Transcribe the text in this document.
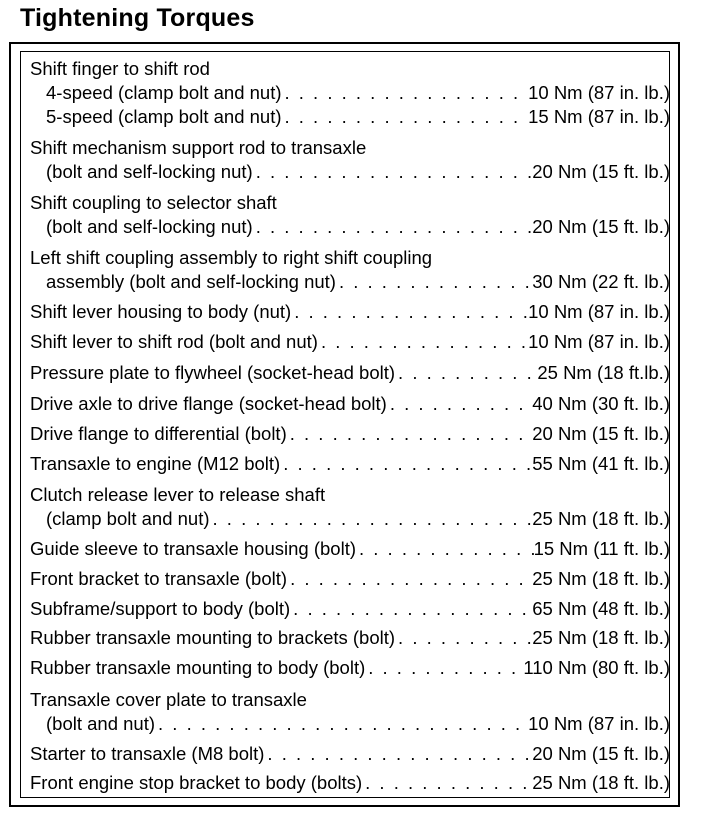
Tightening Torques
Shift finger to shift rod
4-speed (clamp bolt and nut) . . .	10 Nm (87 in. lb.)
5-speed (clamp bolt and nut) . . .	15 Nm (87 in. lb.)
Shift mechanism support rod to transaxle
(bolt and self-locking nut) . . .	20 Nm (15 ft. lb.)
Shift coupling to selector shaft
(bolt and self-locking nut) . . .	20 Nm (15 ft. lb.)
Left shift coupling assembly to right shift coupling
assembly (bolt and self-locking nut) . . .	30 Nm (22 ft. lb.)
Shift lever housing to body (nut) . . .	10 Nm (87 in. lb.)
Shift lever to shift rod (bolt and nut) . . .	10 Nm (87 in. lb.)
Pressure plate to flywheel (socket-head bolt) . . .	25 Nm (18 ft.lb.)
Drive axle to drive flange (socket-head bolt) . . .	40 Nm (30 ft. lb.)
Drive flange to differential (bolt) . . .	20 Nm (15 ft. lb.)
Transaxle to engine (M12 bolt) . . .	55 Nm (41 ft. lb.)
Clutch release lever to release shaft
(clamp bolt and nut) . . .	25 Nm (18 ft. lb.)
Guide sleeve to transaxle housing (bolt) . . .	15 Nm (11 ft. lb.)
Front bracket to transaxle (bolt) . . .	25 Nm (18 ft. lb.)
Subframe/support to body (bolt) . . .	65 Nm (48 ft. lb.)
Rubber transaxle mounting to brackets (bolt) . . .	25 Nm (18 ft. lb.)
Rubber transaxle mounting to body (bolt) . . .	110 Nm (80 ft. lb.)
Transaxle cover plate to transaxle
(bolt and nut) . . .	10 Nm (87 in. lb.)
Starter to transaxle (M8 bolt) . . .	20 Nm (15 ft. lb.)
Front engine stop bracket to body (bolts) . . .	25 Nm (18 ft. lb.)
